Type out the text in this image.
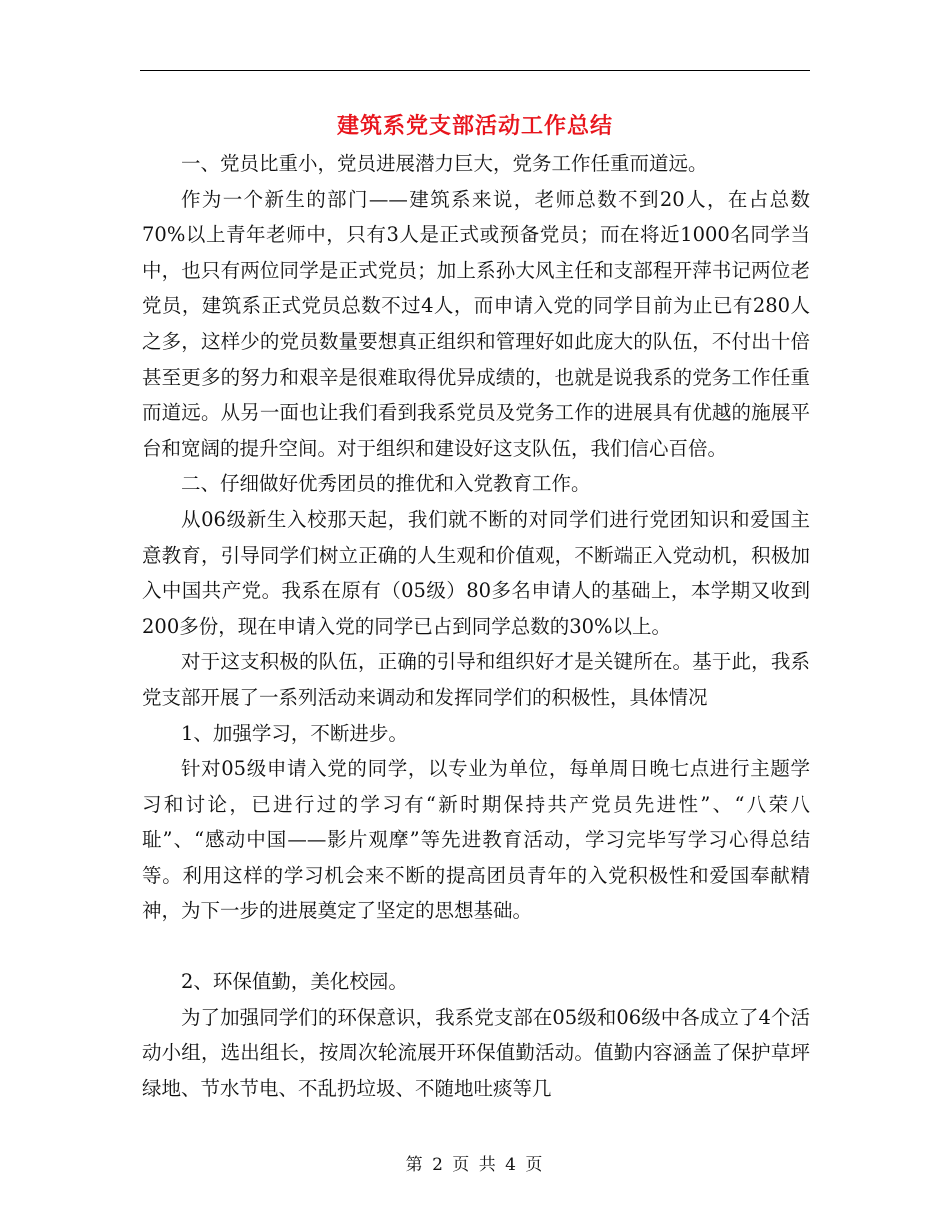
建筑系党支部活动工作总结

一、党员比重小，党员进展潜力巨大，党务工作任重而道远。

作为一个新生的部门——建筑系来说，老师总数不到20人，在占总数70%以上青年老师中，只有3人是正式或预备党员；而在将近1000名同学当中，也只有两位同学是正式党员；加上系孙大风主任和支部程开萍书记两位老党员，建筑系正式党员总数不过4人，而申请入党的同学目前为止已有280人之多，这样少的党员数量要想真正组织和管理好如此庞大的队伍，不付出十倍甚至更多的努力和艰辛是很难取得优异成绩的，也就是说我系的党务工作任重而道远。从另一面也让我们看到我系党员及党务工作的进展具有优越的施展平台和宽阔的提升空间。对于组织和建设好这支队伍，我们信心百倍。

二、仔细做好优秀团员的推优和入党教育工作。

从06级新生入校那天起，我们就不断的对同学们进行党团知识和爱国主意教育，引导同学们树立正确的人生观和价值观，不断端正入党动机，积极加入中国共产党。我系在原有（05级）80多名申请人的基础上，本学期又收到200多份，现在申请入党的同学已占到同学总数的30%以上。

对于这支积极的队伍，正确的引导和组织好才是关键所在。基于此，我系党支部开展了一系列活动来调动和发挥同学们的积极性，具体情况

1、加强学习，不断进步。

针对05级申请入党的同学，以专业为单位，每单周日晚七点进行主题学习和讨论，已进行过的学习有“新时期保持共产党员先进性”、“八荣八耻”、“感动中国——影片观摩”等先进教育活动，学习完毕写学习心得总结等。利用这样的学习机会来不断的提高团员青年的入党积极性和爱国奉献精神，为下一步的进展奠定了坚定的思想基础。

2、环保值勤，美化校园。

为了加强同学们的环保意识，我系党支部在05级和06级中各成立了4个活动小组，选出组长，按周次轮流展开环保值勤活动。值勤内容涵盖了保护草坪绿地、节水节电、不乱扔垃圾、不随地吐痰等几

第 2 页 共 4 页
